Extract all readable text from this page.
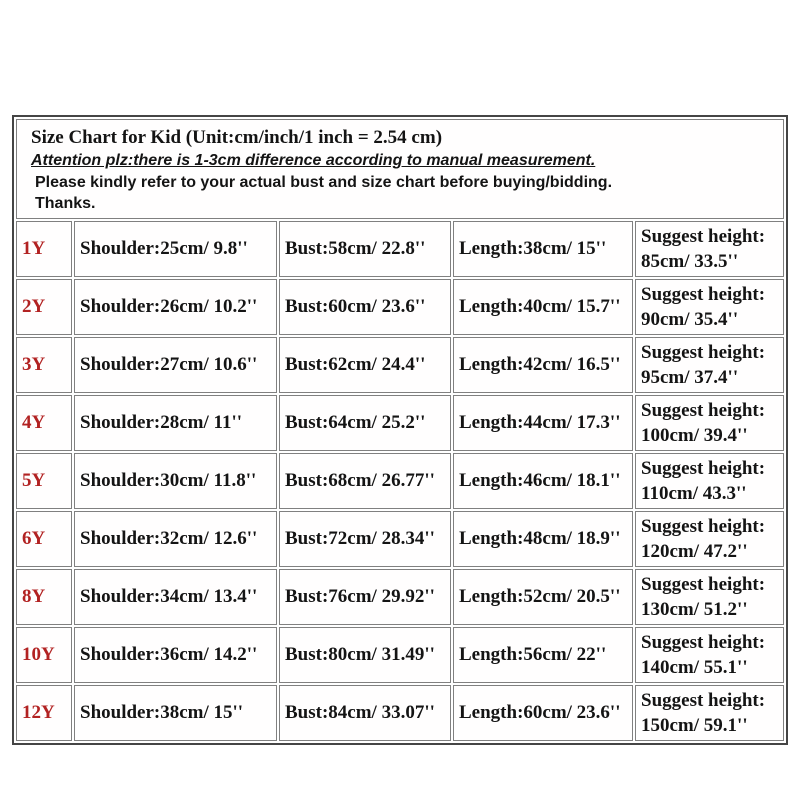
Size Chart for Kid (Unit:cm/inch/1 inch = 2.54 cm)
Attention plz:there is 1-3cm difference according to manual measurement.
Please kindly refer to your actual bust and size chart before buying/bidding.
Thanks.				

1Y	Shoulder:25cm/ 9.8''	Bust:58cm/ 22.8''	Length:38cm/ 15''	Suggest height:
85cm/ 33.5''

2Y	Shoulder:26cm/ 10.2''	Bust:60cm/ 23.6''	Length:40cm/ 15.7''	Suggest height:
90cm/ 35.4''

3Y	Shoulder:27cm/ 10.6''	Bust:62cm/ 24.4''	Length:42cm/ 16.5''	Suggest height:
95cm/ 37.4''

4Y	Shoulder:28cm/ 11''	Bust:64cm/ 25.2''	Length:44cm/ 17.3''	Suggest height:
100cm/ 39.4''

5Y	Shoulder:30cm/ 11.8''	Bust:68cm/ 26.77''	Length:46cm/ 18.1''	Suggest height:
110cm/ 43.3''

6Y	Shoulder:32cm/ 12.6''	Bust:72cm/ 28.34''	Length:48cm/ 18.9''	Suggest height:
120cm/ 47.2''

8Y	Shoulder:34cm/ 13.4''	Bust:76cm/ 29.92''	Length:52cm/ 20.5''	Suggest height:
130cm/ 51.2''

10Y	Shoulder:36cm/ 14.2''	Bust:80cm/ 31.49''	Length:56cm/ 22''	Suggest height:
140cm/ 55.1''

12Y	Shoulder:38cm/ 15''	Bust:84cm/ 33.07''	Length:60cm/ 23.6''	Suggest height:
150cm/ 59.1''
